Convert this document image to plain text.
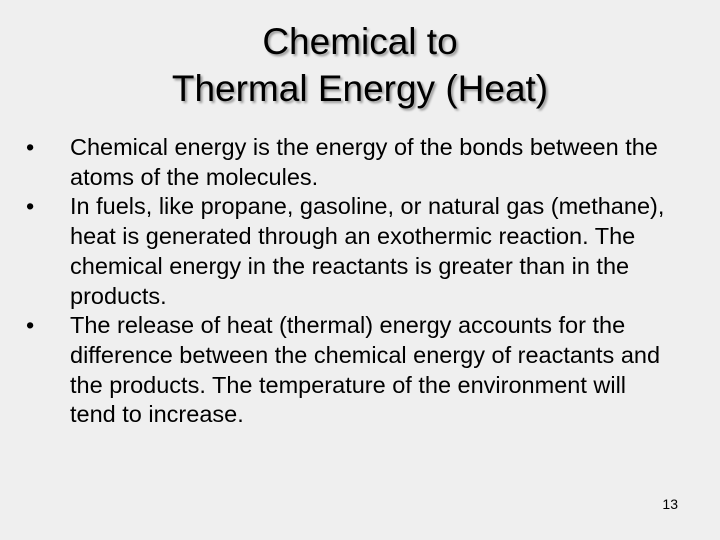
Chemical to
Thermal Energy (Heat)
•	Chemical energy is the energy of the bonds between the atoms of the molecules.
•	In fuels, like propane, gasoline, or natural gas (methane), heat is generated through an exothermic reaction. The chemical energy in the reactants is greater than in the products.
•	The release of heat (thermal) energy accounts for the difference between the chemical energy of reactants and the products. The temperature of the environment will tend to increase.
13
